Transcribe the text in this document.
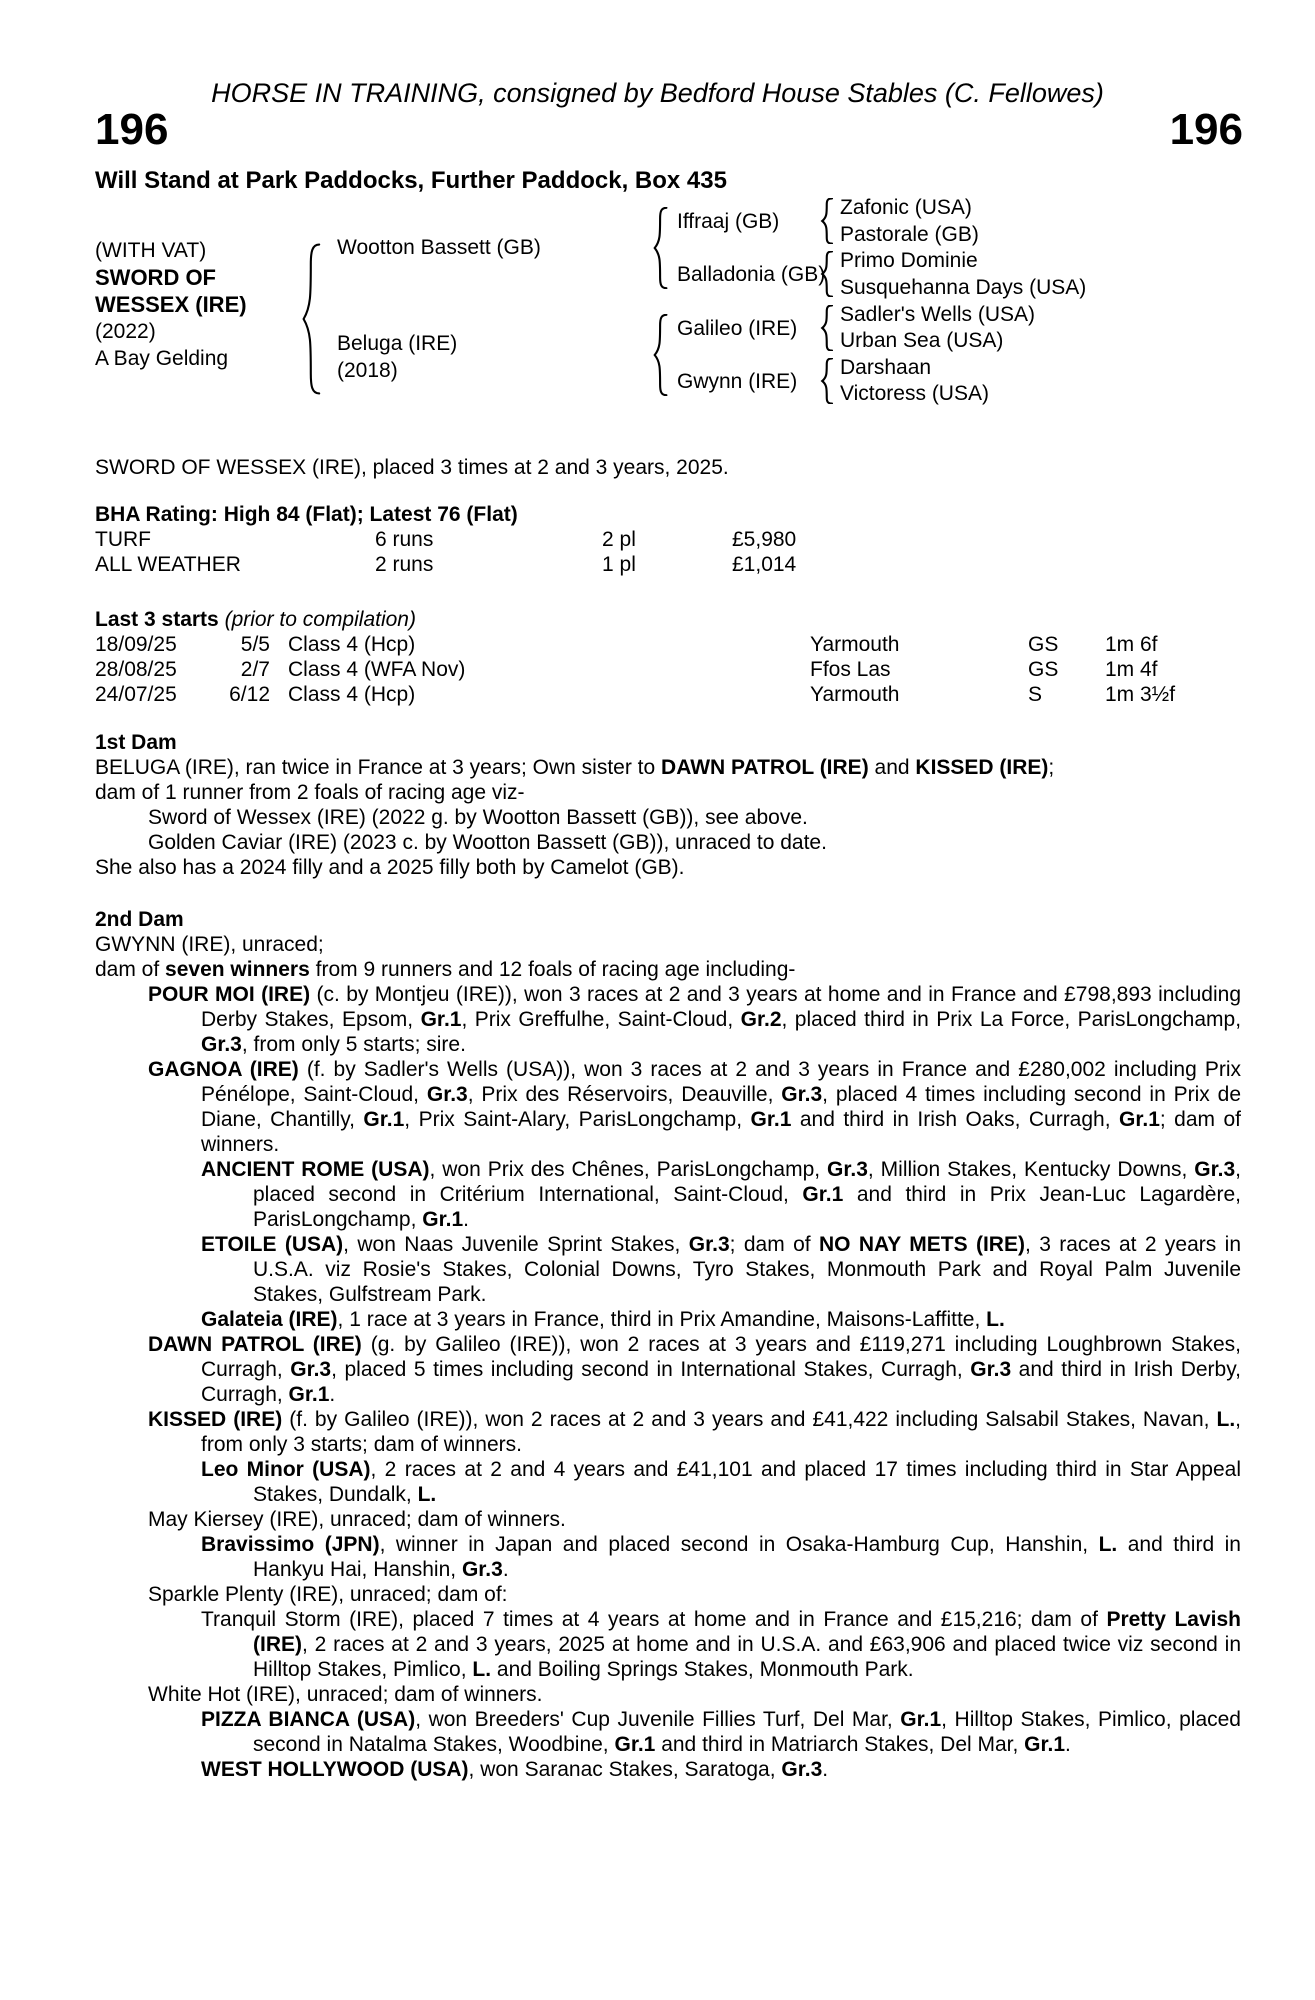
HORSE IN TRAINING, consigned by Bedford House Stables (C. Fellowes)
196	196
Will Stand at Park Paddocks, Further Paddock, Box 435
(WITH VAT)
SWORD OF
WESSEX (IRE)
(2022)
A Bay Gelding
Wootton Bassett (GB)
Beluga (IRE)
(2018)
Iffraaj (GB)
Balladonia (GB)
Galileo (IRE)
Gwynn (IRE)
Zafonic (USA)
Pastorale (GB)
Primo Dominie
Susquehanna Days (USA)
Sadler's Wells (USA)
Urban Sea (USA)
Darshaan
Victoress (USA)

SWORD OF WESSEX (IRE), placed 3 times at 2 and 3 years, 2025.

BHA Rating: High 84 (Flat); Latest 76 (Flat)
TURF	6 runs	2 pl	£5,980
ALL WEATHER	2 runs	1 pl	£1,014
Last 3 starts (prior to compilation)
18/09/25	5/5 Class 4 (Hcp)	Yarmouth	GS 1m 6f
28/08/25	2/7 Class 4 (WFA Nov)	Ffos Las	GS 1m 4f
24/07/25	6/12 Class 4 (Hcp)	Yarmouth	S	1m 3½f
1st Dam

BELUGA (IRE), ran twice in France at 3 years; Own sister to DAWN PATROL (IRE) and KISSED (IRE);

dam of 1 runner from 2 foals of racing age viz-

Sword of Wessex (IRE) (2022 g. by Wootton Bassett (GB)), see above.

Golden Caviar (IRE) (2023 c. by Wootton Bassett (GB)), unraced to date.

She also has a 2024 filly and a 2025 filly both by Camelot (GB).

2nd Dam

GWYNN (IRE), unraced;

dam of seven winners from 9 runners and 12 foals of racing age including-

POUR MOI (IRE) (c. by Montjeu (IRE)), won 3 races at 2 and 3 years at home and in France and £798,893 including Derby Stakes, Epsom, Gr.1, Prix Greffulhe, Saint-Cloud, Gr.2, placed third in Prix La Force, ParisLongchamp, Gr.3, from only 5 starts; sire.

GAGNOA (IRE) (f. by Sadler's Wells (USA)), won 3 races at 2 and 3 years in France and £280,002 including Prix Pénélope, Saint-Cloud, Gr.3, Prix des Réservoirs, Deauville, Gr.3, placed 4 times including second in Prix de Diane, Chantilly, Gr.1, Prix Saint-Alary, ParisLongchamp, Gr.1 and third in Irish Oaks, Curragh, Gr.1; dam of winners.

ANCIENT ROME (USA), won Prix des Chênes, ParisLongchamp, Gr.3, Million Stakes, Kentucky Downs, Gr.3, placed second in Critérium International, Saint-Cloud, Gr.1 and third in Prix Jean-Luc Lagardère, ParisLongchamp, Gr.1.

ETOILE (USA), won Naas Juvenile Sprint Stakes, Gr.3; dam of NO NAY METS (IRE), 3 races at 2 years in U.S.A. viz Rosie's Stakes, Colonial Downs, Tyro Stakes, Monmouth Park and Royal Palm Juvenile Stakes, Gulfstream Park.

Galateia (IRE), 1 race at 3 years in France, third in Prix Amandine, Maisons-Laffitte, L.

DAWN PATROL (IRE) (g. by Galileo (IRE)), won 2 races at 3 years and £119,271 including Loughbrown Stakes, Curragh, Gr.3, placed 5 times including second in International Stakes, Curragh, Gr.3 and third in Irish Derby, Curragh, Gr.1.

KISSED (IRE) (f. by Galileo (IRE)), won 2 races at 2 and 3 years and £41,422 including Salsabil Stakes, Navan, L., from only 3 starts; dam of winners.

Leo Minor (USA), 2 races at 2 and 4 years and £41,101 and placed 17 times including third in Star Appeal Stakes, Dundalk, L.

May Kiersey (IRE), unraced; dam of winners.

Bravissimo (JPN), winner in Japan and placed second in Osaka-Hamburg Cup, Hanshin, L. and third in Hankyu Hai, Hanshin, Gr.3.

Sparkle Plenty (IRE), unraced; dam of:

Tranquil Storm (IRE), placed 7 times at 4 years at home and in France and £15,216; dam of Pretty Lavish (IRE), 2 races at 2 and 3 years, 2025 at home and in U.S.A. and £63,906 and placed twice viz second in Hilltop Stakes, Pimlico, L. and Boiling Springs Stakes, Monmouth Park.

White Hot (IRE), unraced; dam of winners.

PIZZA BIANCA (USA), won Breeders' Cup Juvenile Fillies Turf, Del Mar, Gr.1, Hilltop Stakes, Pimlico, placed second in Natalma Stakes, Woodbine, Gr.1 and third in Matriarch Stakes, Del Mar, Gr.1.

WEST HOLLYWOOD (USA), won Saranac Stakes, Saratoga, Gr.3.
